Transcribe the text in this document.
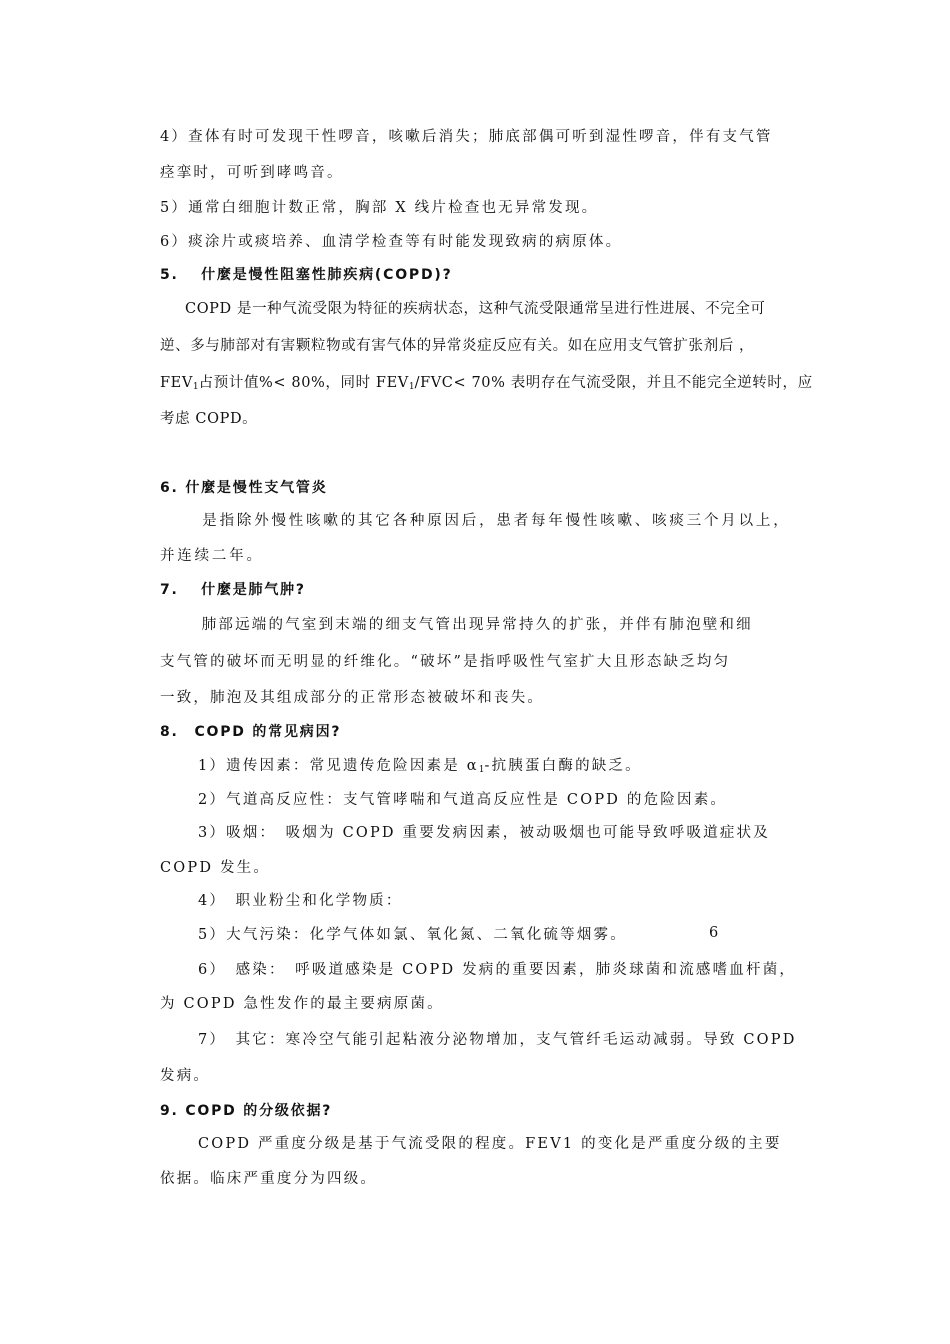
4）查体有时可发现干性啰音，咳嗽后消失；肺底部偶可听到湿性啰音，伴有支气管
痉挛时，可听到哮鸣音。
5）通常白细胞计数正常，胸部 X 线片检查也无异常发现。
6）痰涂片或痰培养、血清学检查等有时能发现致病的病原体。
5.　 什麼是慢性阻塞性肺疾病(COPD)?
COPD 是一种气流受限为特征的疾病状态，这种气流受限通常呈进行性进展、不完全可
逆、多与肺部对有害颗粒物或有害气体的异常炎症反应有关。如在应用支气管扩张剂后 ，
$FEV_1$占预计值%< 80%，同时 $FEV_1/FVC< 70\%$ 表明存在气流受限，并且不能完全逆转时，应
考虑 COPD。
6. 什麼是慢性支气管炎
　是指除外慢性咳嗽的其它各种原因后，患者每年慢性咳嗽、咳痰三个月以上，
并连续二年。
7.　 什麼是肺气肿?
　肺部远端的气室到末端的细支气管出现异常持久的扩张，并伴有肺泡壁和细
支气管的破坏而无明显的纤维化。“破坏”是指呼吸性气室扩大且形态缺乏均匀
一致，肺泡及其组成部分的正常形态被破坏和丧失。
8.　COPD 的常见病因?
1）遗传因素：常见遗传危险因素是 $\alpha_1-$抗胰蛋白酶的缺乏。
2）气道高反应性：支气管哮喘和气道高反应性是 COPD 的危险因素。
3）吸烟：　吸烟为 COPD 重要发病因素，被动吸烟也可能导致呼吸道症状及
COPD 发生。
4）　职业粉尘和化学物质：
5）大气污染：化学气体如氯、氧化氮、二氧化硫等烟雾。	6
6）　感染：　呼吸道感染是 COPD 发病的重要因素，肺炎球菌和流感嗜血杆菌，
为 COPD 急性发作的最主要病原菌。
7）　其它：寒冷空气能引起粘液分泌物增加，支气管纤毛运动减弱。导致 COPD
发病。
9. COPD 的分级依据?
COPD 严重度分级是基于气流受限的程度。FEV1 的变化是严重度分级的主要
依据。临床严重度分为四级。
